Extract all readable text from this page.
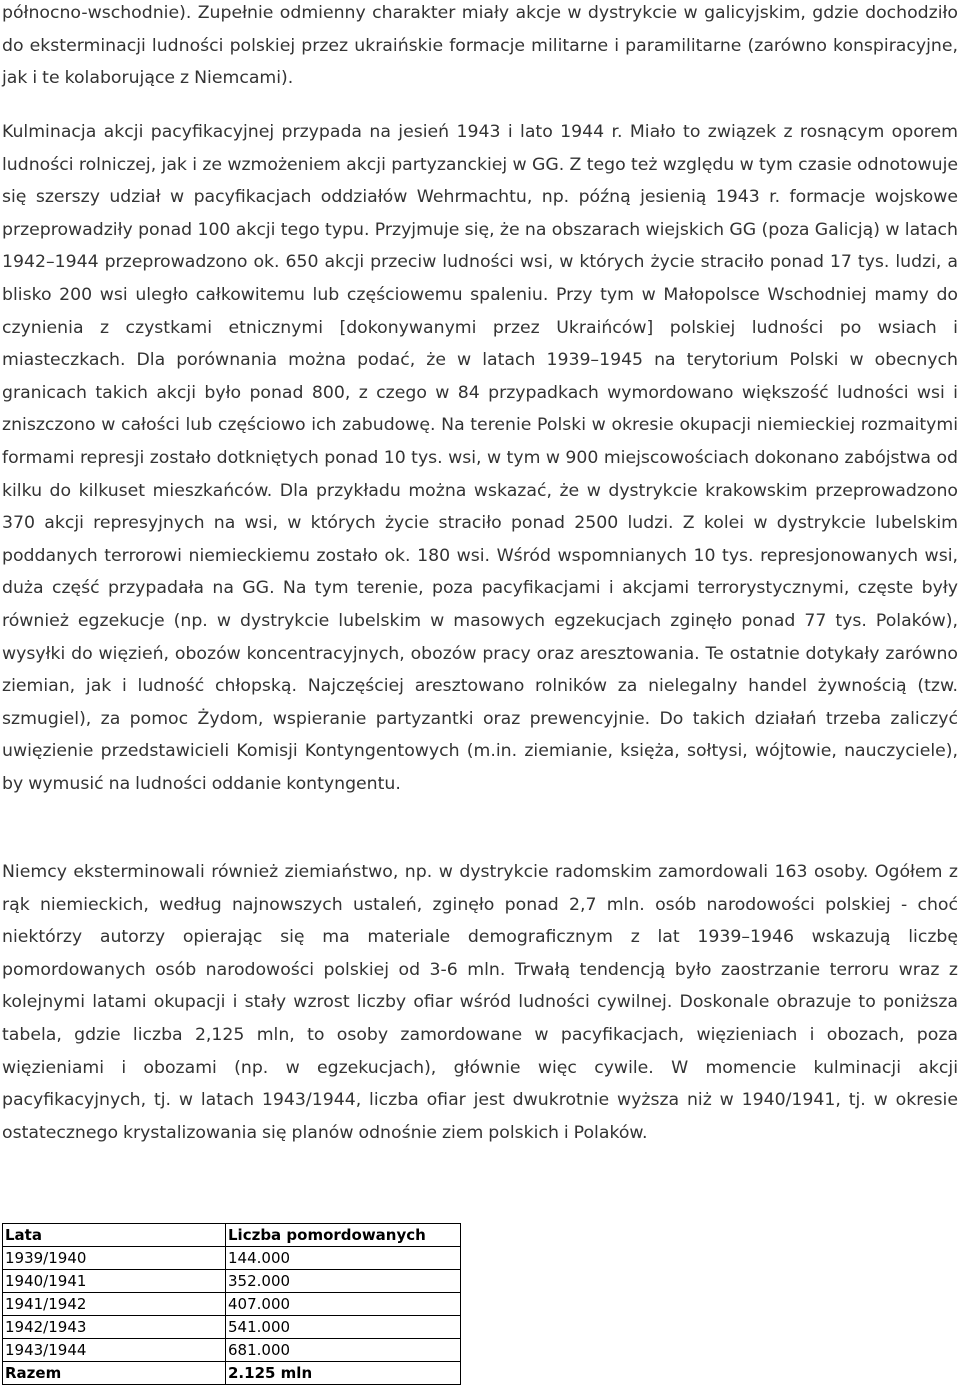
północno-wschodnie). Zupełnie odmienny charakter miały akcje w dystrykcie w galicyjskim, gdzie dochodziło do eksterminacji ludności polskiej przez ukraińskie formacje militarne i paramilitarne (zarówno konspiracyjne, jak i te kolaborujące z Niemcami).

Kulminacja akcji pacyfikacyjnej przypada na jesień 1943 i lato 1944 r. Miało to związek z rosnącym oporem ludności rolniczej, jak i ze wzmożeniem akcji partyzanckiej w GG. Z tego też względu w tym czasie odnotowuje się szerszy udział w pacyfikacjach oddziałów Wehrmachtu, np. późną jesienią 1943 r. formacje wojskowe przeprowadziły ponad 100 akcji tego typu. Przyjmuje się, że na obszarach wiejskich GG (poza Galicją) w latach 1942–1944 przeprowadzono ok. 650 akcji przeciw ludności wsi, w których życie straciło ponad 17 tys. ludzi, a blisko 200 wsi uległo całkowitemu lub częściowemu spaleniu. Przy tym w Małopolsce Wschodniej mamy do czynienia z czystkami etnicznymi [dokonywanymi przez Ukraińców] polskiej ludności po wsiach i miasteczkach. Dla porównania można podać, że w latach 1939–1945 na terytorium Polski w obecnych granicach takich akcji było ponad 800, z czego w 84 przypadkach wymordowano większość ludności wsi i zniszczono w całości lub częściowo ich zabudowę. Na terenie Polski w okresie okupacji niemieckiej rozmaitymi formami represji zostało dotkniętych ponad 10 tys. wsi, w tym w 900 miejscowościach dokonano zabójstwa od kilku do kilkuset mieszkańców. Dla przykładu można wskazać, że w dystrykcie krakowskim przeprowadzono 370 akcji represyjnych na wsi, w których życie straciło ponad 2500 ludzi. Z kolei w dystrykcie lubelskim poddanych terrorowi niemieckiemu zostało ok. 180 wsi. Wśród wspomnianych 10 tys. represjonowanych wsi, duża część przypadała na GG. Na tym terenie, poza pacyfikacjami i akcjami terrorystycznymi, częste były również egzekucje (np. w dystrykcie lubelskim w masowych egzekucjach zginęło ponad 77 tys. Polaków), wysyłki do więzień, obozów koncentracyjnych, obozów pracy oraz aresztowania. Te ostatnie dotykały zarówno ziemian, jak i ludność chłopską. Najczęściej aresztowano rolników za nielegalny handel żywnością (tzw. szmugiel), za pomoc Żydom, wspieranie partyzantki oraz prewencyjnie. Do takich działań trzeba zaliczyć uwięzienie przedstawicieli Komisji Kontyngentowych (m.in. ziemianie, księża, sołtysi, wójtowie, nauczyciele), by wymusić na ludności oddanie kontyngentu.

Niemcy eksterminowali również ziemiaństwo, np. w dystrykcie radomskim zamordowali 163 osoby. Ogółem z rąk niemieckich, według najnowszych ustaleń, zginęło ponad 2,7 mln. osób narodowości polskiej - choć niektórzy autorzy opierając się ma materiale demograficznym z lat 1939–1946 wskazują liczbę pomordowanych osób narodowości polskiej od 3-6 mln. Trwałą tendencją było zaostrzanie terroru wraz z kolejnymi latami okupacji i stały wzrost liczby ofiar wśród ludności cywilnej. Doskonale obrazuje to poniższa tabela, gdzie liczba 2,125 mln, to osoby zamordowane w pacyfikacjach, więzieniach i obozach, poza więzieniami i obozami (np. w egzekucjach), głównie więc cywile. W momencie kulminacji akcji pacyfikacyjnych, tj. w latach 1943/1944, liczba ofiar jest dwukrotnie wyższa niż w 1940/1941, tj. w okresie ostatecznego krystalizowania się planów odnośnie ziem polskich i Polaków.

Lata	Liczba pomordowanych
1939/1940	144.000
1940/1941	352.000
1941/1942	407.000
1942/1943	541.000
1943/1944	681.000
Razem	2.125 mln
